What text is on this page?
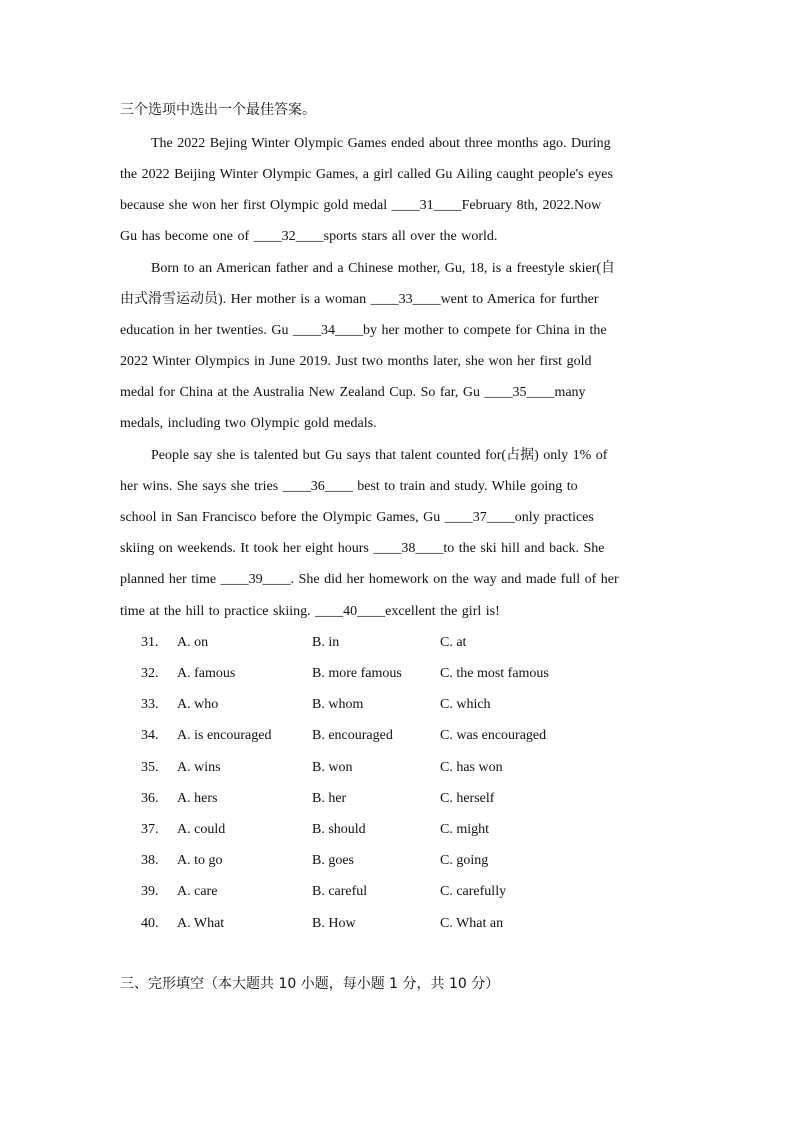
三个选项中选出一个最佳答案。
The 2022 Bejing Winter Olympic Games ended about three months ago. During
the 2022 Beijing Winter Olympic Games, a girl called Gu Ailing caught people's eyes
because she won her first Olympic gold medal ____31____February 8th, 2022.Now
Gu has become one of ____32____sports stars all over the world.
Born to an American father and a Chinese mother, Gu, 18, is a freestyle skier(自
由式滑雪运动员). Her mother is a woman ____33____went to America for further
education in her twenties. Gu ____34____by her mother to compete for China in the
2022 Winter Olympics in June 2019. Just two months later, she won her first gold
medal for China at the Australia New Zealand Cup. So far, Gu ____35____many
medals, including two Olympic gold medals.
People say she is talented but Gu says that talent counted for(占据) only 1% of
her wins. She says she tries ____36____ best to train and study. While going to
school in San Francisco before the Olympic Games, Gu ____37____only practices
skiing on weekends. It took her eight hours ____38____to the ski hill and back. She
planned her time ____39____. She did her homework on the way and made full of her
time at the hill to practice skiing. ____40____excellent the girl is!
31. A. on	B. in	C. at
32. A. famous	B. more famous	C. the most famous
33. A. who	B. whom	C. which
34. A. is encouraged	B. encouraged	C. was encouraged
35. A. wins	B. won	C. has won
36. A. hers	B. her	C. herself
37. A. could	B. should	C. might
38. A. to go	B. goes	C. going
39. A. care	B. careful	C. carefully
40. A. What	B. How	C. What an
三、完形填空（本大题共 10 小题，每小题 1 分，共 10 分）
